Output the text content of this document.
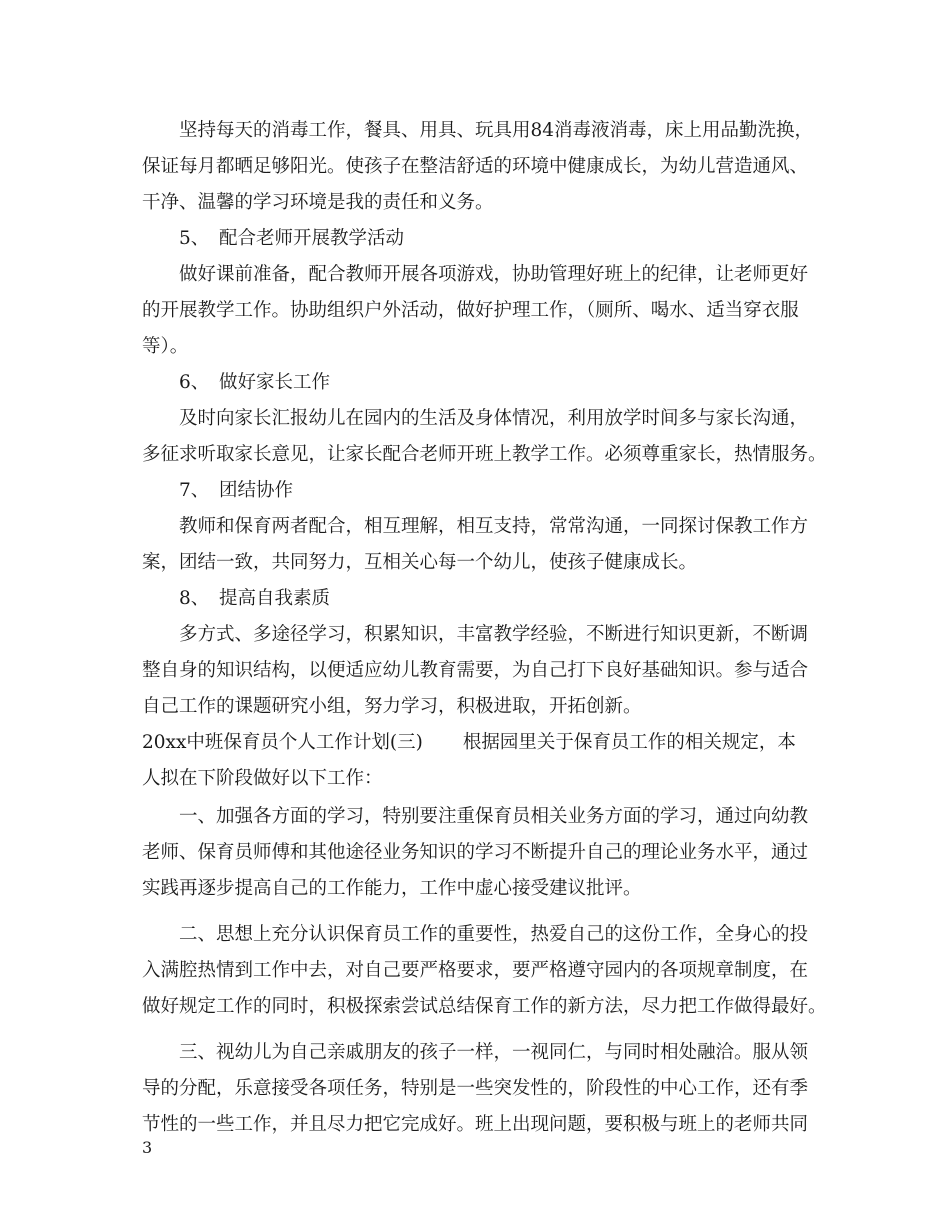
坚持每天的消毒工作，餐具、用具、玩具用84消毒液消毒，床上用品勤洗换，

保证每月都晒足够阳光。使孩子在整洁舒适的环境中健康成长，为幼儿营造通风、

干净、温馨的学习环境是我的责任和义务。

5、 配合老师开展教学活动

做好课前准备，配合教师开展各项游戏，协助管理好班上的纪律，让老师更好

的开展教学工作。协助组织户外活动，做好护理工作，（厕所、喝水、适当穿衣服

等）。

6、 做好家长工作

及时向家长汇报幼儿在园内的生活及身体情况，利用放学时间多与家长沟通，

多征求听取家长意见，让家长配合老师开班上教学工作。必须尊重家长，热情服务。

7、 团结协作

教师和保育两者配合，相互理解，相互支持，常常沟通，一同探讨保教工作方

案，团结一致，共同努力，互相关心每一个幼儿，使孩子健康成长。

8、 提高自我素质

多方式、多途径学习，积累知识，丰富教学经验，不断进行知识更新，不断调

整自身的知识结构，以便适应幼儿教育需要，为自己打下良好基础知识。参与适合

自己工作的课题研究小组，努力学习，积极进取，开拓创新。

20xx中班保育员个人工作计划(三) 根据园里关于保育员工作的相关规定，本

人拟在下阶段做好以下工作：

一、加强各方面的学习，特别要注重保育员相关业务方面的学习，通过向幼教

老师、保育员师傅和其他途径业务知识的学习不断提升自己的理论业务水平，通过

实践再逐步提高自己的工作能力，工作中虚心接受建议批评。

二、思想上充分认识保育员工作的重要性，热爱自己的这份工作，全身心的投

入满腔热情到工作中去，对自己要严格要求，要严格遵守园内的各项规章制度，在

做好规定工作的同时，积极探索尝试总结保育工作的新方法，尽力把工作做得最好。

三、视幼儿为自己亲戚朋友的孩子一样，一视同仁，与同时相处融洽。服从领

导的分配，乐意接受各项任务，特别是一些突发性的，阶段性的中心工作，还有季

节性的一些工作，并且尽力把它完成好。班上出现问题，要积极与班上的老师共同

3
